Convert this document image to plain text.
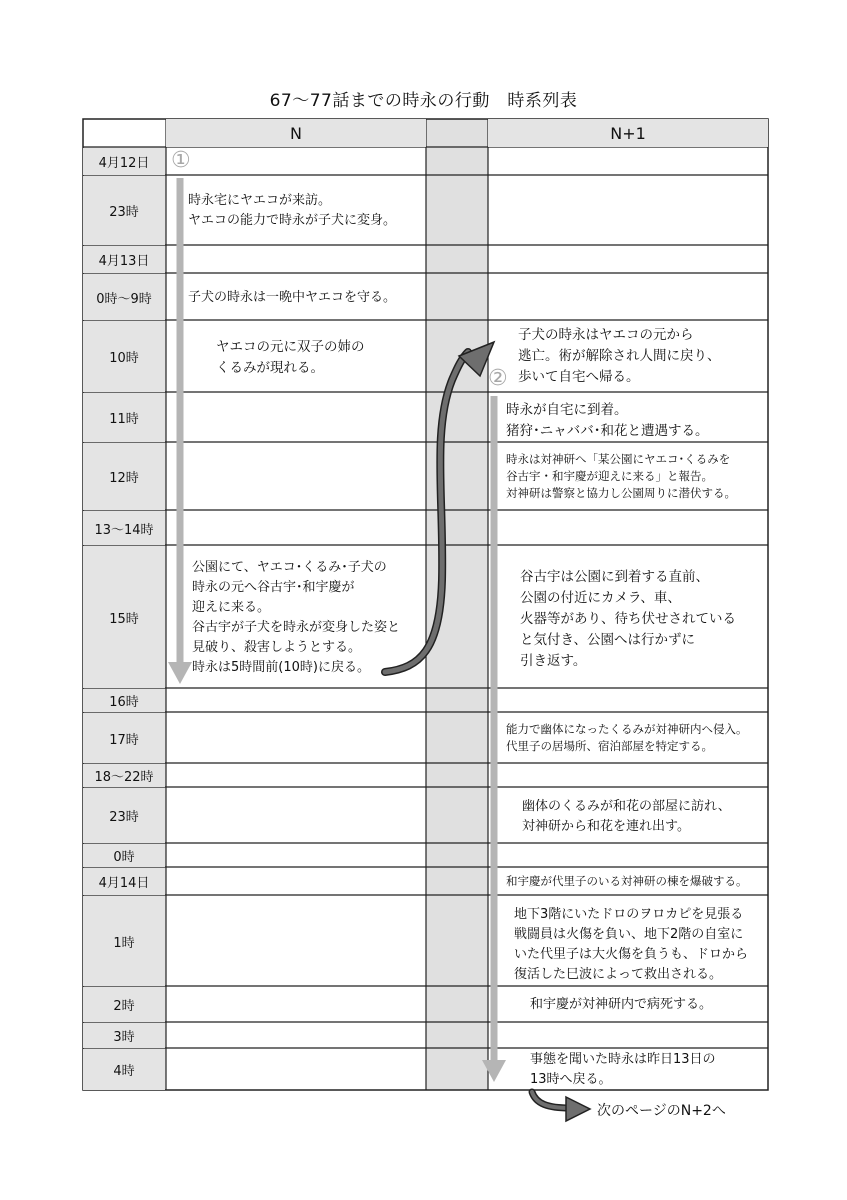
67〜77話までの時永の行動　時系列表
N	N+1
4月12日
23時
4月13日
0時〜9時
10時
11時
12時
13〜14時
15時
16時
17時
18〜22時
23時
0時
4月14日
1時
2時
3時
4時
①
②
時永宅にヤエコが来訪。
ヤエコの能力で時永が子犬に変身。
子犬の時永は一晩中ヤエコを守る。
ヤエコの元に双子の姉の
くるみが現れる。
公園にて、ヤエコ･くるみ･子犬の
時永の元へ谷古宇･和宇慶が
迎えに来る。
谷古宇が子犬を時永が変身した姿と
見破り、殺害しようとする。
時永は5時間前(10時)に戻る。
子犬の時永はヤエコの元から
逃亡。術が解除され人間に戻り、
歩いて自宅へ帰る。
時永が自宅に到着。
猪狩･ニャババ･和花と遭遇する。
時永は対神研へ「某公園にヤエコ･くるみを
谷古宇・和宇慶が迎えに来る」と報告。
対神研は警察と協力し公園周りに潜伏する。
谷古宇は公園に到着する直前、
公園の付近にカメラ、車、
火器等があり、待ち伏せされている
と気付き、公園へは行かずに
引き返す。
能力で幽体になったくるみが対神研内へ侵入。
代里子の居場所、宿泊部屋を特定する。
幽体のくるみが和花の部屋に訪れ、
対神研から和花を連れ出す。
和宇慶が代里子のいる対神研の棟を爆破する。
地下3階にいたドロのヲロカピを見張る
戦闘員は火傷を負い、地下2階の自室に
いた代里子は大火傷を負うも、ドロから
復活した巳波によって救出される。
和宇慶が対神研内で病死する。
事態を聞いた時永は昨日13日の
13時へ戻る。
次のページのN+2へ
